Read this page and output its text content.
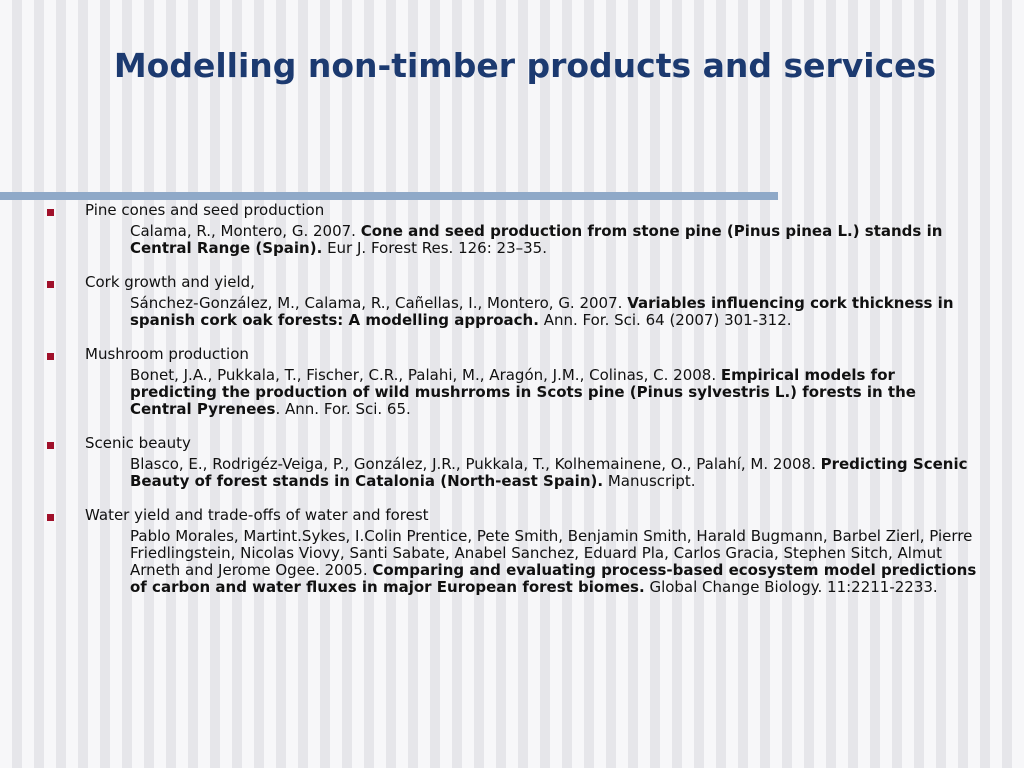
Modelling non-timber products and services
Pine cones and seed production
Calama, R., Montero, G. 2007. Cone and seed production from stone pine (Pinus pinea L.) stands in Central Range (Spain). Eur J. Forest Res. 126: 23–35.
Cork growth and yield,
Sánchez-González, M., Calama, R., Cañellas, I., Montero, G. 2007. Variables influencing cork thickness in spanish cork oak forests: A modelling approach. Ann. For. Sci. 64 (2007) 301-312.
Mushroom production
Bonet, J.A., Pukkala, T., Fischer, C.R., Palahi, M., Aragón, J.M., Colinas, C. 2008. Empirical models for predicting the production of wild mushrroms in Scots pine (Pinus sylvestris L.) forests in the Central Pyrenees. Ann. For. Sci. 65.
Scenic beauty
Blasco, E., Rodrigéz-Veiga, P., González, J.R., Pukkala, T., Kolhemainene, O., Palahí, M. 2008. Predicting Scenic Beauty of forest stands in Catalonia (North-east Spain). Manuscript.
Water yield and trade-offs of water and forest
Pablo Morales, Martint.Sykes, I.Colin Prentice, Pete Smith, Benjamin Smith, Harald Bugmann, Barbel Zierl, Pierre Friedlingstein, Nicolas Viovy, Santi Sabate, Anabel Sanchez, Eduard Pla, Carlos Gracia, Stephen Sitch, Almut Arneth and Jerome Ogee. 2005. Comparing and evaluating process-based ecosystem model predictions of carbon and water fluxes in major European forest biomes. Global Change Biology. 11:2211-2233.
